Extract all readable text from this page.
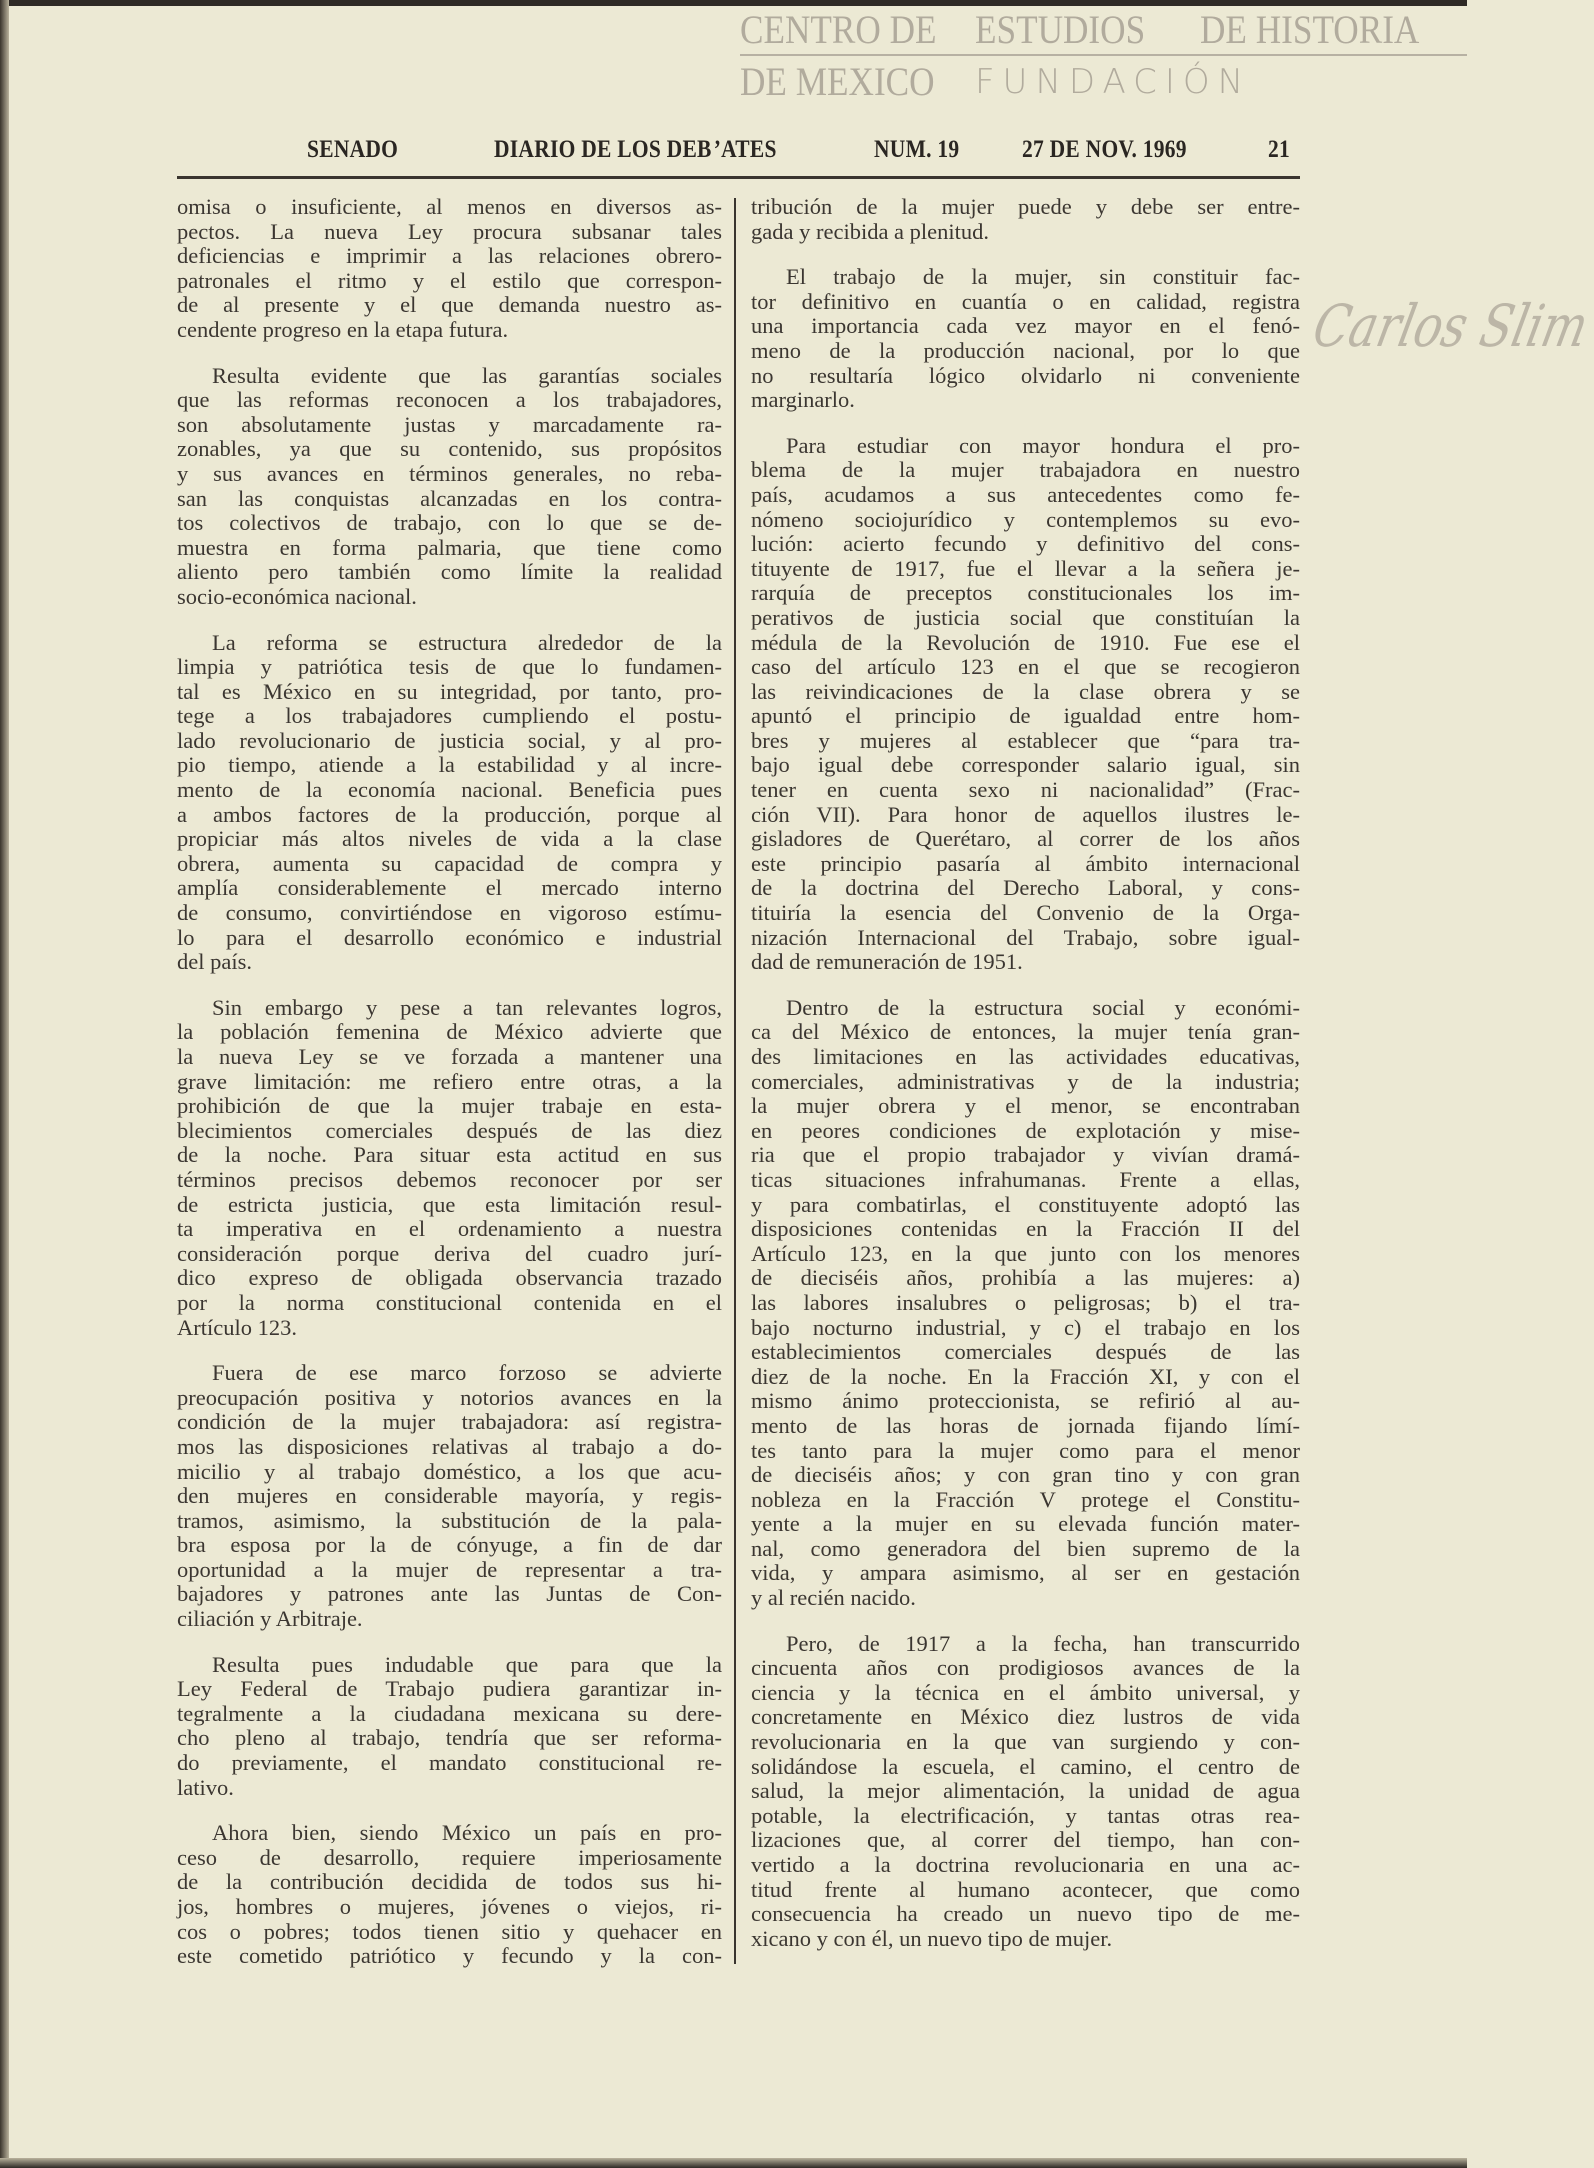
CENTRO DE ESTUDIOS DE HISTORIA
DE MEXICO FUNDACIÓN
Carlos Slim
SENADO	DIARIO DE LOS DEB ’ATES	NUM. 19	27 DE NOV. 1969	21
omisa o insuficiente, al menos en diversos as-
pectos. La nueva Ley procura subsanar tales
deficiencias e imprimir a las relaciones obrero-
patronales el ritmo y el estilo que correspon-
de al presente y el que demanda nuestro as-
cendente progreso en la etapa futura.
Resulta evidente que las garantías sociales
que las reformas reconocen a los trabajadores,
son absolutamente justas y marcadamente ra-
zonables, ya que su contenido, sus propósitos
y sus avances en términos generales, no reba-
san las conquistas alcanzadas en los contra-
tos colectivos de trabajo, con lo que se de-
muestra en forma palmaria, que tiene como
aliento pero también como límite la realidad
socio-económica nacional.
La reforma se estructura alrededor de la
limpia y patriótica tesis de que lo fundamen-
tal es México en su integridad, por tanto, pro-
tege a los trabajadores cumpliendo el postu-
lado revolucionario de justicia social, y al pro-
pio tiempo, atiende a la estabilidad y al incre-
mento de la economía nacional. Beneficia pues
a ambos factores de la producción, porque al
propiciar más altos niveles de vida a la clase
obrera, aumenta su capacidad de compra y
amplía considerablemente el mercado interno
de consumo, convirtiéndose en vigoroso estímu-
lo para el desarrollo económico e industrial
del país.
Sin embargo y pese a tan relevantes logros,
la población femenina de México advierte que
la nueva Ley se ve forzada a mantener una
grave limitación: me refiero entre otras, a la
prohibición de que la mujer trabaje en esta-
blecimientos comerciales después de las diez
de la noche. Para situar esta actitud en sus
términos precisos debemos reconocer por ser
de estricta justicia, que esta limitación resul-
ta imperativa en el ordenamiento a nuestra
consideración porque deriva del cuadro jurí-
dico expreso de obligada observancia trazado
por la norma constitucional contenida en el
Artículo 123.
Fuera de ese marco forzoso se advierte
preocupación positiva y notorios avances en la
condición de la mujer trabajadora: así registra-
mos las disposiciones relativas al trabajo a do-
micilio y al trabajo doméstico, a los que acu-
den mujeres en considerable mayoría, y regis-
tramos, asimismo, la substitución de la pala-
bra esposa por la de cónyuge, a fin de dar
oportunidad a la mujer de representar a tra-
bajadores y patrones ante las Juntas de Con-
ciliación y Arbitraje.
Resulta pues indudable que para que la
Ley Federal de Trabajo pudiera garantizar in-
tegralmente a la ciudadana mexicana su dere-
cho pleno al trabajo, tendría que ser reforma-
do previamente, el mandato constitucional re-
lativo.
Ahora bien, siendo México un país en pro-
ceso de desarrollo, requiere imperiosamente
de la contribución decidida de todos sus hi-
jos, hombres o mujeres, jóvenes o viejos, ri-
cos o pobres; todos tienen sitio y quehacer en
este cometido patriótico y fecundo y la con-
tribución de la mujer puede y debe ser entre-
gada y recibida a plenitud.
El trabajo de la mujer, sin constituir fac-
tor definitivo en cuantía o en calidad, registra
una importancia cada vez mayor en el fenó-
meno de la producción nacional, por lo que
no resultaría lógico olvidarlo ni conveniente
marginarlo.
Para estudiar con mayor hondura el pro-
blema de la mujer trabajadora en nuestro
país, acudamos a sus antecedentes como fe-
nómeno sociojurídico y contemplemos su evo-
lución: acierto fecundo y definitivo del cons-
tituyente de 1917, fue el llevar a la señera je-
rarquía de preceptos constitucionales los im-
perativos de justicia social que constituían la
médula de la Revolución de 1910. Fue ese el
caso del artículo 123 en el que se recogieron
las reivindicaciones de la clase obrera y se
apuntó el principio de igualdad entre hom-
bres y mujeres al establecer que “para tra-
bajo igual debe corresponder salario igual, sin
tener en cuenta sexo ni nacionalidad” (Frac-
ción VII). Para honor de aquellos ilustres le-
gisladores de Querétaro, al correr de los años
este principio pasaría al ámbito internacional
de la doctrina del Derecho Laboral, y cons-
tituiría la esencia del Convenio de la Orga-
nización Internacional del Trabajo, sobre igual-
dad de remuneración de 1951.
Dentro de la estructura social y económi-
ca del México de entonces, la mujer tenía gran-
des limitaciones en las actividades educativas,
comerciales, administrativas y de la industria;
la mujer obrera y el menor, se encontraban
en peores condiciones de explotación y mise-
ria que el propio trabajador y vivían dramá-
ticas situaciones infrahumanas. Frente a ellas,
y para combatirlas, el constituyente adoptó las
disposiciones contenidas en la Fracción II del
Artículo 123, en la que junto con los menores
de dieciséis años, prohibía a las mujeres: a)
las labores insalubres o peligrosas; b) el tra-
bajo nocturno industrial, y c) el trabajo en los
establecimientos comerciales después de las
diez de la noche. En la Fracción XI, y con el
mismo ánimo proteccionista, se refirió al au-
mento de las horas de jornada fijando límí-
tes tanto para la mujer como para el menor
de dieciséis años; y con gran tino y con gran
nobleza en la Fracción V protege el Constitu-
yente a la mujer en su elevada función mater-
nal, como generadora del bien supremo de la
vida, y ampara asimismo, al ser en gestación
y al recién nacido.
Pero, de 1917 a la fecha, han transcurrido
cincuenta años con prodigiosos avances de la
ciencia y la técnica en el ámbito universal, y
concretamente en México diez lustros de vida
revolucionaria en la que van surgiendo y con-
solidándose la escuela, el camino, el centro de
salud, la mejor alimentación, la unidad de agua
potable, la electrificación, y tantas otras rea-
lizaciones que, al correr del tiempo, han con-
vertido a la doctrina revolucionaria en una ac-
titud frente al humano acontecer, que como
consecuencia ha creado un nuevo tipo de me-
xicano y con él, un nuevo tipo de mujer.
